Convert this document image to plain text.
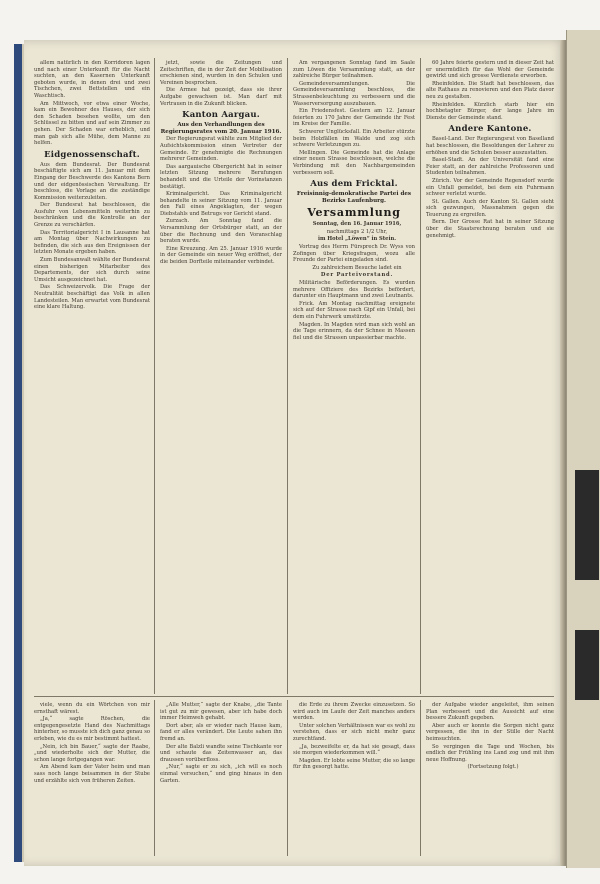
allem natürlich in den Korridoren lagen und nach einer Unterkunft für die Nacht suchten, an den Kasernen Unterkunft geboten wurde, in denen drei und zwei Tischchen, zwei Bettstellen und ein Waschtisch.

Am Mittwoch, vor etwa einer Woche, kam ein Bewohner des Hauses, der sich den Schaden besehen wollte, um den Schlüssel zu bitten und auf sein Zimmer zu gehen. Der Schaden war erheblich, und man gab sich alle Mühe, dem Manne zu helfen.

Eidgenossenschaft.

Aus dem Bundesrat. Der Bundesrat beschäftigte sich am 11. Januar mit dem Eingang der Beschwerde des Kantons Bern und der eidgenössischen Verwaltung. Er beschloss, die Vorlage an die zuständige Kommission weiterzuleiten.

Der Bundesrat hat beschlossen, die Ausfuhr von Lebensmitteln weiterhin zu beschränken und die Kontrolle an der Grenze zu verschärfen.

Das Territorialgericht I in Lausanne hat am Montag über Nachwirkungen zu befinden, die sich aus den Ereignissen der letzten Monate ergeben haben.

Zum Bundesanwalt wählte der Bundesrat einen bisherigen Mitarbeiter des Departements, der sich durch seine Umsicht ausgezeichnet hat.

Das Schweizervolk. Die Frage der Neutralität beschäftigt das Volk in allen Landesteilen. Man erwartet vom Bundesrat eine klare Haltung.

jetzt, sowie die Zeitungen und Zeitschriften, die in der Zeit der Mobilisation erschienen sind, wurden in den Schulen und Vereinen besprochen.

Die Armee hat gezeigt, dass sie ihrer Aufgabe gewachsen ist. Man darf mit Vertrauen in die Zukunft blicken.

Kanton Aargau.
Aus den Verhandlungen des Regierungsrates vom 20. Januar 1916.

Der Regierungsrat wählte zum Mitglied der Aufsichtskommission einen Vertreter der Gemeinde. Er genehmigte die Rechnungen mehrerer Gemeinden.

Das aargauische Obergericht hat in seiner letzten Sitzung mehrere Berufungen behandelt und die Urteile der Vorinstanzen bestätigt.

Kriminalgericht. Das Kriminalgericht behandelte in seiner Sitzung vom 11. Januar den Fall eines Angeklagten, der wegen Diebstahls und Betrugs vor Gericht stand.

Zurzach. Am Sonntag fand die Versammlung der Ortsbürger statt, an der über die Rechnung und den Voranschlag beraten wurde.

Eine Kreuzung. Am 25. Januar 1916 wurde in der Gemeinde ein neuer Weg eröffnet, der die beiden Dorfteile miteinander verbindet.

Am vergangenen Sonntag fand im Saale zum Löwen die Versammlung statt, an der zahlreiche Bürger teilnahmen.

Gemeindeversammlungen. Die Gemeindeversammlung beschloss, die Strassenbeleuchtung zu verbessern und die Wasserversorgung auszubauen.

Ein Friedensfest. Gestern am 12. Januar feierten zu 170 Jahre der Gemeinde ihr Fest im Kreise der Familie.

Schwerer Unglücksfall. Ein Arbeiter stürzte beim Holzfällen im Walde und zog sich schwere Verletzungen zu.

Mellingen. Die Gemeinde hat die Anlage einer neuen Strasse beschlossen, welche die Verbindung mit den Nachbargemeinden verbessern soll.

Aus dem Fricktal.
Freisinnig-demokratische Partei des Bezirks Laufenburg.
Versammlung

Sonntag, den 16. Januar 1916,

nachmittags 2 1/2 Uhr,

im Hotel „Löwen“ in Stein.

Vortrag des Herrn Fürsprech Dr. Wyss von Zofingen über Kriegsfragen, wozu alle Freunde der Partei eingeladen sind.

Zu zahlreichem Besuche ladet ein

Der Parteivorstand.

Militärische Beförderungen. Es wurden mehrere Offiziere des Bezirks befördert, darunter ein Hauptmann und zwei Leutnants.

Frick. Am Montag nachmittag ereignete sich auf der Strasse nach Gipf ein Unfall, bei dem ein Fuhrwerk umstürzte.

Magden. In Magden wird man sich wohl an die Tage erinnern, da der Schnee in Massen fiel und die Strassen unpassierbar machte.

60 Jahre feierte gestern und in dieser Zeit hat er unermüdlich für das Wohl der Gemeinde gewirkt und sich grosse Verdienste erworben.

Rheinfelden. Die Stadt hat beschlossen, das alte Rathaus zu renovieren und den Platz davor neu zu gestalten.

Rheinfelden. Kürzlich starb hier ein hochbetagter Bürger, der lange Jahre im Dienste der Gemeinde stand.

Andere Kantone.

Basel-Land. Der Regierungsrat von Baselland hat beschlossen, die Besoldungen der Lehrer zu erhöhen und die Schulen besser auszustatten.

Basel-Stadt. An der Universität fand eine Feier statt, an der zahlreiche Professoren und Studenten teilnahmen.

Zürich. Vor der Gemeinde Regensdorf wurde ein Unfall gemeldet, bei dem ein Fuhrmann schwer verletzt wurde.

St. Gallen. Auch der Kanton St. Gallen sieht sich gezwungen, Massnahmen gegen die Teuerung zu ergreifen.

Bern. Der Grosse Rat hat in seiner Sitzung über die Staatsrechnung beraten und sie genehmigt.

viele, wenn du ein Wörtchen von mir ernsthaft wärest.

„Ja,“ sagte Röschen, die entgegengesetzte Hand des Nachmittags hinterher, so musste ich dich ganz genau so erleben, wie du es mir bestimmt hattest.

„Nein, ich bin Bauer,“ sagte der Raabe, „und wiederholte sich der Mutter, die schon lange fortgegangen war.

Am Abend kam der Vater heim und man sass noch lange beisammen in der Stube und erzählte sich von früheren Zeiten.

„Alle Mutter,“ sagte der Knabe, „die Tante ist gut zu mir gewesen, aber ich habe doch immer Heimweh gehabt.

Dort aber, als er wieder nach Hause kam, fand er alles verändert. Die Leute sahen ihn fremd an.

Der alte Balzli wandte seine Tischkante vor und schaute das Zeitenwasser an, das draussen vorüberfloss.

„Nur,“ sagte er zu sich, „ich will es noch einmal versuchen,“ und ging hinaus in den Garten.

die Erde zu ihrem Zwecke einzusetzen. So wird auch im Laufe der Zeit manches anders werden.

Unter solchen Verhältnissen war es wohl zu verstehen, dass er sich nicht mehr ganz zurechtfand.

„Ja, bezweifelte er, da hat sie gesagt, dass sie morgen wiederkommen will.“

Magden. Er lobte seine Mutter, die so lange für ihn gesorgt hatte.

der Aufgabe wieder angeleitet, ihm seinen Plan verbessert und die Aussicht auf eine bessere Zukunft gegeben.

Aber auch er konnte die Sorgen nicht ganz vergessen, die ihn in der Stille der Nacht heimsuchten.

So vergingen die Tage und Wochen, bis endlich der Frühling ins Land zog und mit ihm neue Hoffnung.

(Fortsetzung folgt.)
